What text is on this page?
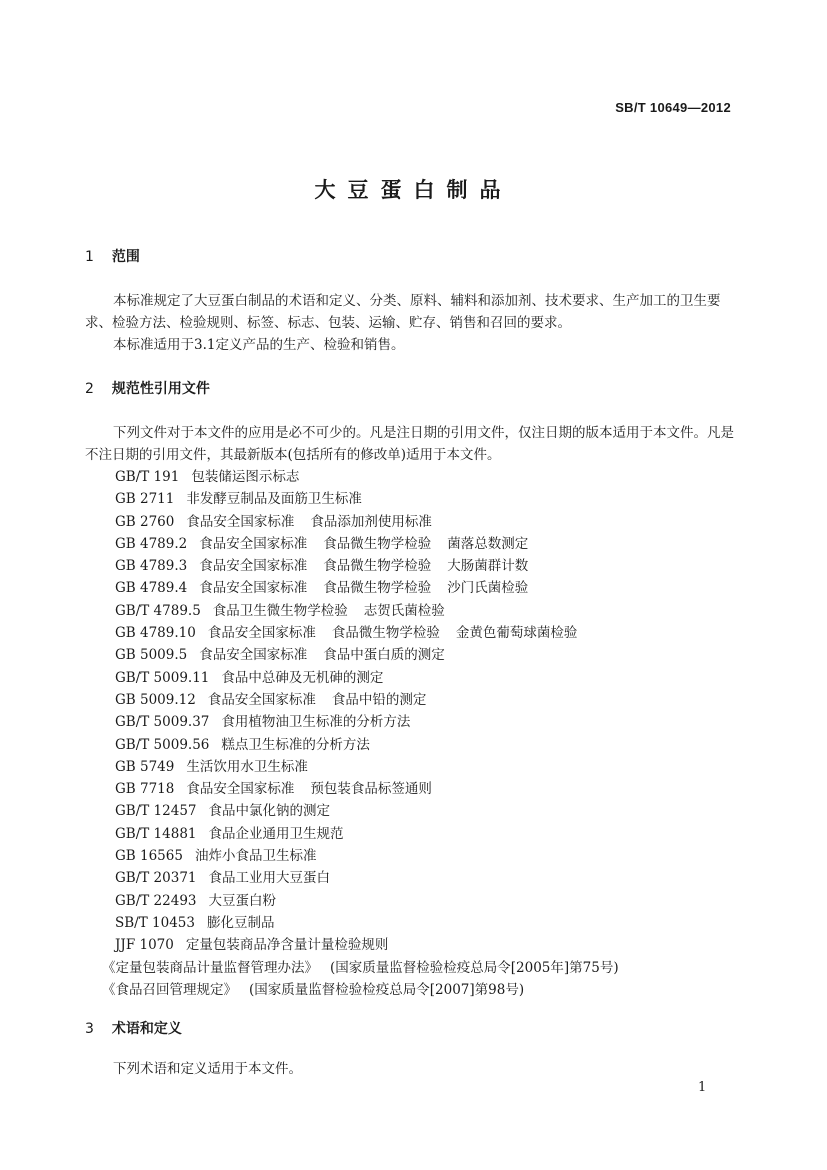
SB/T 10649—2012
大豆蛋白制品
1 范围
本标准规定了大豆蛋白制品的术语和定义、分类、原料、辅料和添加剂、技术要求、生产加工的卫生要求、检验方法、检验规则、标签、标志、包装、运输、贮存、销售和召回的要求。
本标准适用于3.1定义产品的生产、检验和销售。
2 规范性引用文件
下列文件对于本文件的应用是必不可少的。凡是注日期的引用文件，仅注日期的版本适用于本文件。凡是不注日期的引用文件，其最新版本(包括所有的修改单)适用于本文件。
GB/T 191 包装储运图示标志
GB 2711 非发酵豆制品及面筋卫生标准
GB 2760 食品安全国家标准 食品添加剂使用标准
GB 4789.2 食品安全国家标准 食品微生物学检验 菌落总数测定
GB 4789.3 食品安全国家标准 食品微生物学检验 大肠菌群计数
GB 4789.4 食品安全国家标准 食品微生物学检验 沙门氏菌检验
GB/T 4789.5 食品卫生微生物学检验 志贺氏菌检验
GB 4789.10 食品安全国家标准 食品微生物学检验 金黄色葡萄球菌检验
GB 5009.5 食品安全国家标准 食品中蛋白质的测定
GB/T 5009.11 食品中总砷及无机砷的测定
GB 5009.12 食品安全国家标准 食品中铅的测定
GB/T 5009.37 食用植物油卫生标准的分析方法
GB/T 5009.56 糕点卫生标准的分析方法
GB 5749 生活饮用水卫生标准
GB 7718 食品安全国家标准 预包装食品标签通则
GB/T 12457 食品中氯化钠的测定
GB/T 14881 食品企业通用卫生规范
GB 16565 油炸小食品卫生标准
GB/T 20371 食品工业用大豆蛋白
GB/T 22493 大豆蛋白粉
SB/T 10453 膨化豆制品
JJF 1070 定量包装商品净含量计量检验规则
《定量包装商品计量监督管理办法》 (国家质量监督检验检疫总局令[2005年]第75号)
《食品召回管理规定》 (国家质量监督检验检疫总局令[2007]第98号)
3 术语和定义
下列术语和定义适用于本文件。
1
